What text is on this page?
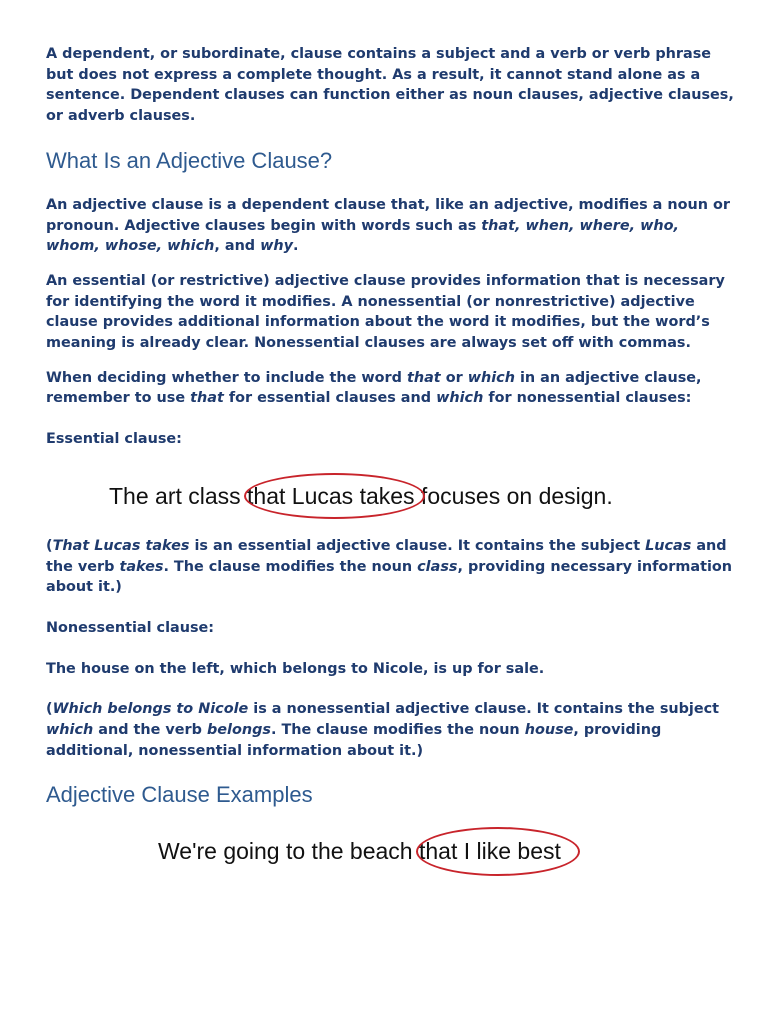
A dependent, or subordinate, clause contains a subject and a verb or verb phrase but does not express a complete thought. As a result, it cannot stand alone as a sentence. Dependent clauses can function either as noun clauses, adjective clauses, or adverb clauses.

What Is an Adjective Clause?

An adjective clause is a dependent clause that, like an adjective, modifies a noun or pronoun. Adjective clauses begin with words such as that, when, where, who, whom, whose, which, and why.

An essential (or restrictive) adjective clause provides information that is necessary for identifying the word it modifies. A nonessential (or nonrestrictive) adjective clause provides additional information about the word it modifies, but the word’s meaning is already clear. Nonessential clauses are always set off with commas.

When deciding whether to include the word that or which in an adjective clause, remember to use that for essential clauses and which for nonessential clauses:

Essential clause:

The art class that Lucas takes focuses on design.

(That Lucas takes is an essential adjective clause. It contains the subject Lucas and the verb takes. The clause modifies the noun class, providing necessary information about it.)

Nonessential clause:

The house on the left, which belongs to Nicole, is up for sale.

(Which belongs to Nicole is a nonessential adjective clause. It contains the subject which and the verb belongs. The clause modifies the noun house, providing additional, nonessential information about it.)

Adjective Clause Examples
We're going to the beach that I like best
